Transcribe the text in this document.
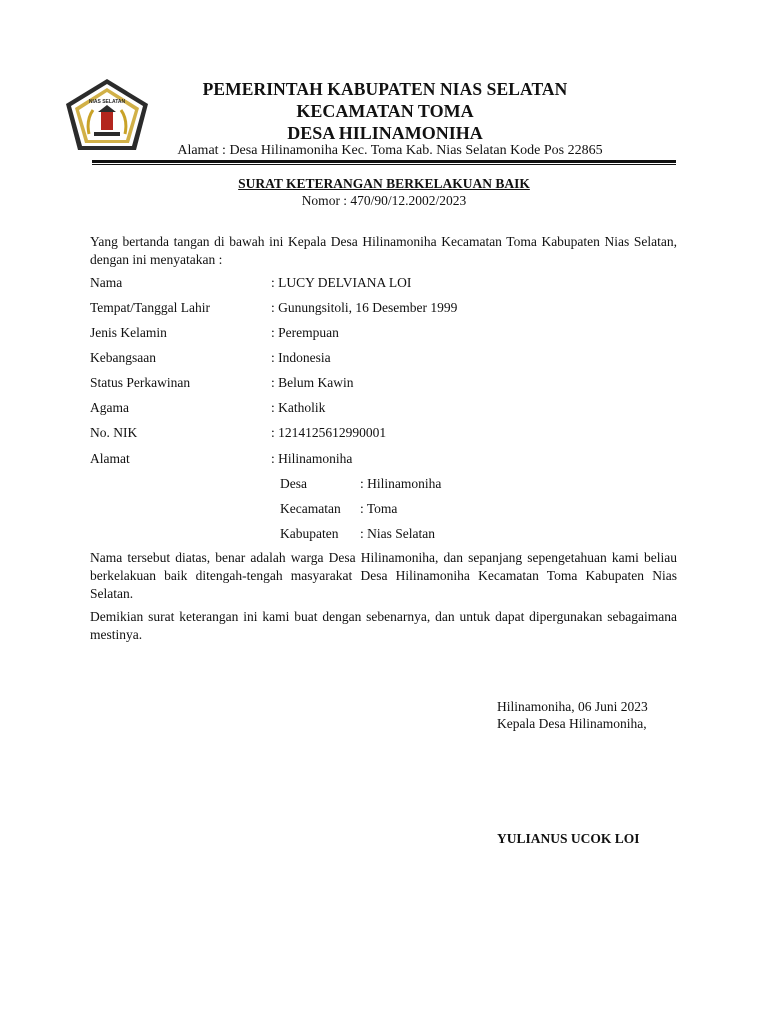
NIAS SELATAN
PEMERINTAH KABUPATEN NIAS SELATAN
KECAMATAN TOMA
DESA HILINAMONIHA
Alamat : Desa Hilinamoniha Kec. Toma Kab. Nias Selatan Kode Pos 22865
SURAT KETERANGAN BERKELAKUAN BAIK
Nomor : 470/90/12.2002/2023

Yang bertanda tangan di bawah ini Kepala Desa Hilinamoniha Kecamatan Toma Kabupaten Nias Selatan, dengan ini menyatakan :

Nama	: LUCY DELVIANA LOI
Tempat/Tanggal Lahir	: Gunungsitoli, 16 Desember 1999
Jenis Kelamin	: Perempuan
Kebangsaan	: Indonesia
Status Perkawinan	: Belum Kawin
Agama	: Katholik
No. NIK	: 1214125612990001
Alamat	: Hilinamoniha
Desa	: Hilinamoniha
Kecamatan : Toma
Kabupaten : Nias Selatan

Nama tersebut diatas, benar adalah warga Desa Hilinamoniha, dan sepanjang sepengetahuan kami beliau berkelakuan baik ditengah-tengah masyarakat Desa Hilinamoniha Kecamatan Toma Kabupaten Nias Selatan.

Demikian surat keterangan ini kami buat dengan sebenarnya, dan untuk dapat dipergunakan sebagaimana mestinya.

Hilinamoniha, 06 Juni 2023
Kepala Desa Hilinamoniha,
YULIANUS UCOK LOI
